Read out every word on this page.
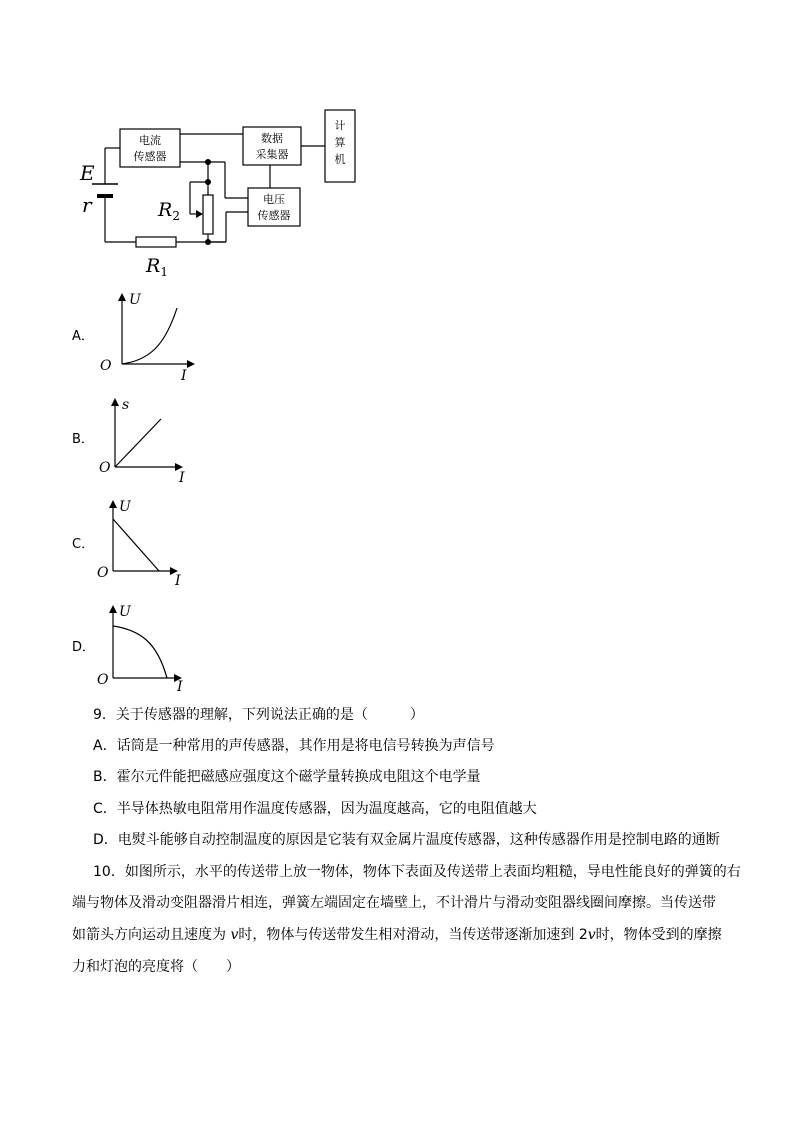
电流
传感器
数据
采集器
计
算
机
电压
传感器
E
r	$R_2$
$R_1$
A．
U
I
O
B．
s
I
O
C．
U
I
O
D．
U
I
O
9．关于传感器的理解，下列说法正确的是（　　　）
A．话筒是一种常用的声传感器，其作用是将电信号转换为声信号
B．霍尔元件能把磁感应强度这个磁学量转换成电阻这个电学量
C．半导体热敏电阻常用作温度传感器，因为温度越高，它的电阻值越大
D．电熨斗能够自动控制温度的原因是它装有双金属片温度传感器，这种传感器作用是控制电路的通断
10．如图所示，水平的传送带上放一物体，物体下表面及传送带上表面均粗糙，导电性能良好的弹簧的右
端与物体及滑动变阻器滑片相连，弹簧左端固定在墙壁上，不计滑片与滑动变阻器线圈间摩擦。当传送带
如箭头方向运动且速度为 v时，物体与传送带发生相对滑动，当传送带逐渐加速到 2v时，物体受到的摩擦
力和灯泡的亮度将（　　）
